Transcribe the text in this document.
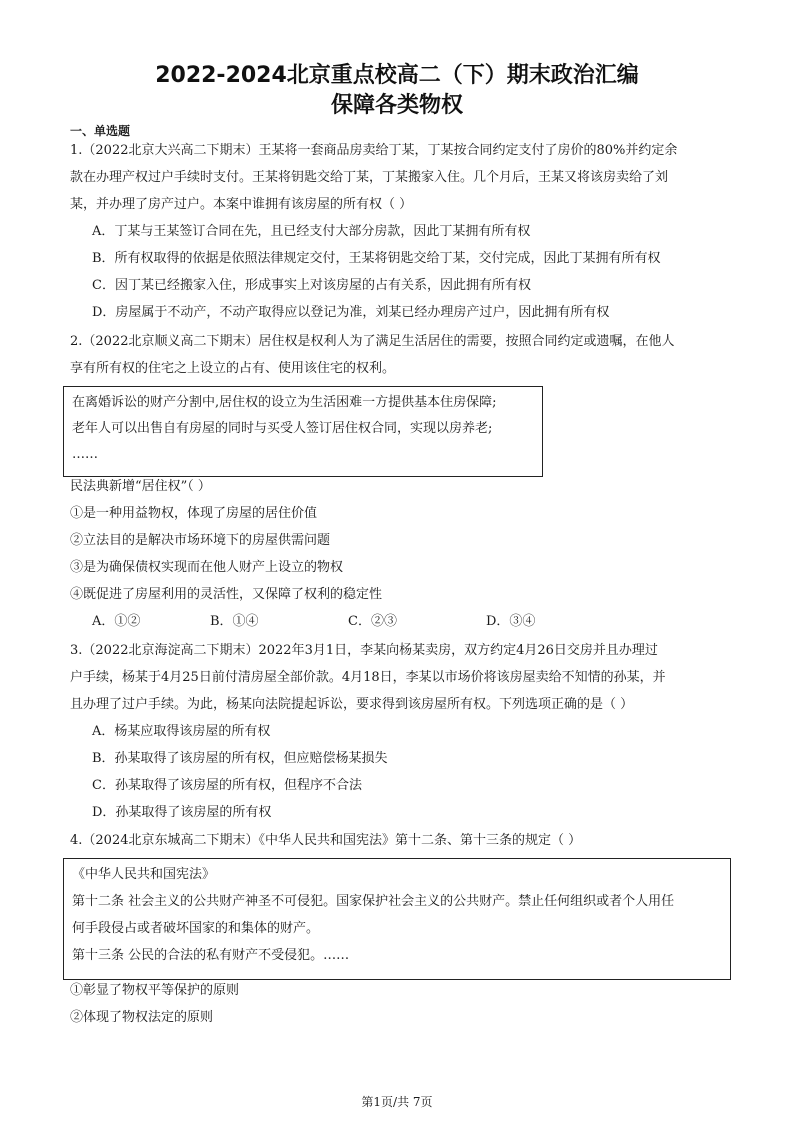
2022-2024北京重点校高二（下）期末政治汇编
保障各类物权
一、单选题
1.（2022北京大兴高二下期末）王某将一套商品房卖给丁某，丁某按合同约定支付了房价的80%并约定余
款在办理产权过户手续时支付。王某将钥匙交给丁某，丁某搬家入住。几个月后，王某又将该房卖给了刘
某，并办理了房产过户。本案中谁拥有该房屋的所有权（ ）
A．丁某与王某签订合同在先，且已经支付大部分房款，因此丁某拥有所有权
B．所有权取得的依据是依照法律规定交付，王某将钥匙交给丁某，交付完成，因此丁某拥有所有权
C．因丁某已经搬家入住，形成事实上对该房屋的占有关系，因此拥有所有权
D．房屋属于不动产，不动产取得应以登记为准，刘某已经办理房产过户，因此拥有所有权
2.（2022北京顺义高二下期末）居住权是权利人为了满足生活居住的需要，按照合同约定或遗嘱，在他人
享有所有权的住宅之上设立的占有、使用该住宅的权利。
在离婚诉讼的财产分割中,居住权的设立为生活困难一方提供基本住房保障;
老年人可以出售自有房屋的同时与买受人签订居住权合同，实现以房养老;
……
民法典新增“居住权”（ ）
①是一种用益物权，体现了房屋的居住价值
②立法目的是解决市场环境下的房屋供需问题
③是为确保债权实现而在他人财产上设立的物权
④既促进了房屋利用的灵活性，又保障了权利的稳定性
A．①②	B．①④	C．②③	D．③④
3.（2022北京海淀高二下期末）2022年3月1日，李某向杨某卖房，双方约定4月26日交房并且办理过
户手续，杨某于4月25日前付清房屋全部价款。4月18日，李某以市场价将该房屋卖给不知情的孙某，并
且办理了过户手续。为此，杨某向法院提起诉讼，要求得到该房屋所有权。下列选项正确的是（ ）
A．杨某应取得该房屋的所有权
B．孙某取得了该房屋的所有权，但应赔偿杨某损失
C．孙某取得了该房屋的所有权，但程序不合法
D．孙某取得了该房屋的所有权
4.（2024北京东城高二下期末）《中华人民共和国宪法》第十二条、第十三条的规定（ ）
《中华人民共和国宪法》
第十二条 社会主义的公共财产神圣不可侵犯。国家保护社会主义的公共财产。禁止任何组织或者个人用任
何手段侵占或者破坏国家的和集体的财产。
第十三条 公民的合法的私有财产不受侵犯。……
①彰显了物权平等保护的原则
②体现了物权法定的原则
第1页/共 7页
